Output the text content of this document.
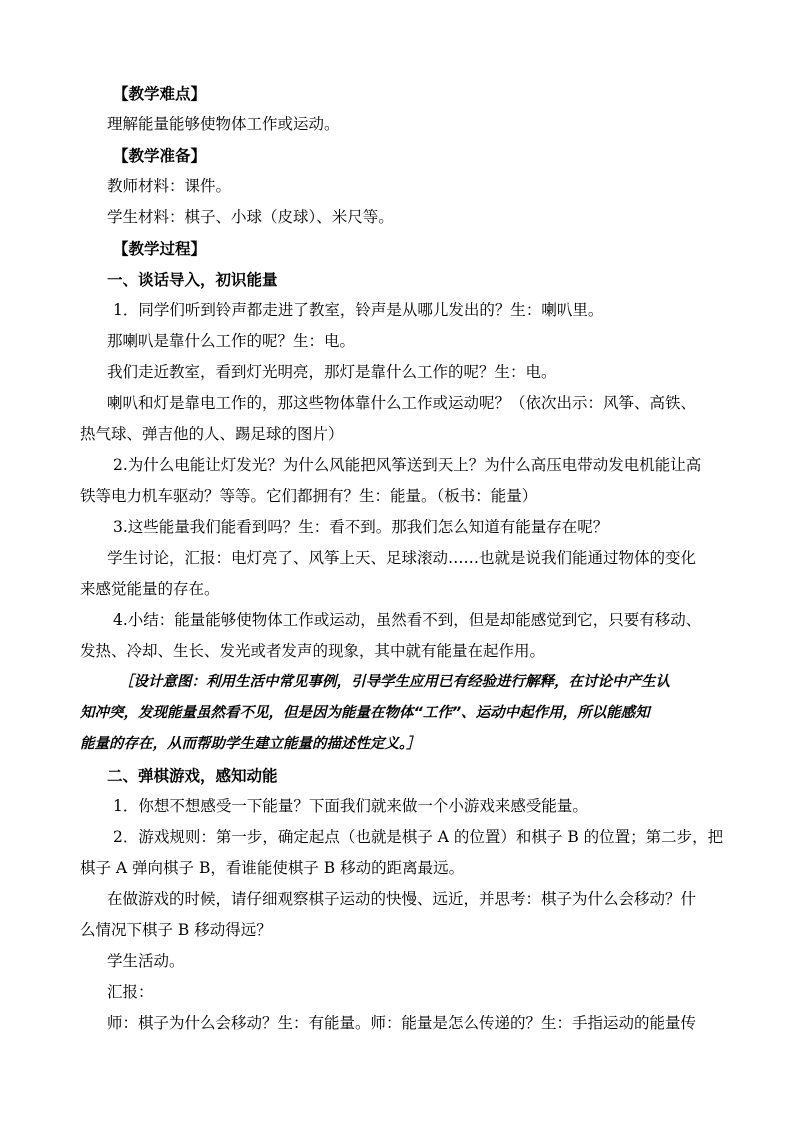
【教学难点】
理解能量能够使物体工作或运动。
【教学准备】
教师材料：课件。
学生材料：棋子、小球（皮球）、米尺等。
【教学过程】
一、谈话导入，初识能量
1．同学们听到铃声都走进了教室，铃声是从哪儿发出的？生：喇叭里。
那喇叭是靠什么工作的呢？生：电。
我们走近教室，看到灯光明亮，那灯是靠什么工作的呢？生：电。
喇叭和灯是靠电工作的，那这些物体靠什么工作或运动呢？（依次出示：风筝、高铁、
热气球、弹吉他的人、踢足球的图片）
2.为什么电能让灯发光？为什么风能把风筝送到天上？为什么高压电带动发电机能让高
铁等电力机车驱动？等等。它们都拥有？生：能量。（板书：能量）
3.这些能量我们能看到吗？生：看不到。那我们怎么知道有能量存在呢？
学生讨论，汇报：电灯亮了、风筝上天、足球滚动……也就是说我们能通过物体的变化
来感觉能量的存在。
4.小结：能量能够使物体工作或运动，虽然看不到，但是却能感觉到它，只要有移动、
发热、冷却、生长、发光或者发声的现象，其中就有能量在起作用。
［设计意图：利用生活中常见事例，引导学生应用已有经验进行解释，在讨论中产生认
知冲突，发现能量虽然看不见，但是因为能量在物体“工作”、运动中起作用，所以能感知
能量的存在，从而帮助学生建立能量的描述性定义。］
二、弹棋游戏，感知动能
1．你想不想感受一下能量？下面我们就来做一个小游戏来感受能量。
2．游戏规则：第一步，确定起点（也就是棋子 A 的位置）和棋子 B 的位置；第二步，把
棋子 A 弹向棋子 B，看谁能使棋子 B 移动的距离最远。
在做游戏的时候，请仔细观察棋子运动的快慢、远近，并思考：棋子为什么会移动？什
么情况下棋子 B 移动得远？
学生活动。
汇报：
师：棋子为什么会移动？生：有能量。师：能量是怎么传递的？生：手指运动的能量传
